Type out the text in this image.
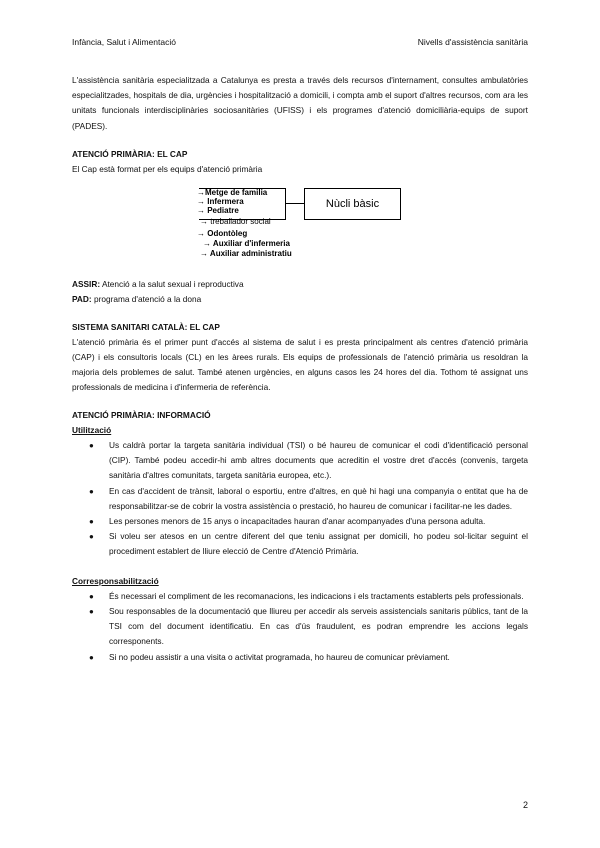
Infància, Salut i Alimentació	Nivells d'assistència sanitària

L'assistència sanitària especialitzada a Catalunya es presta a través dels recursos d'internament, consultes ambulatòries especialitzades, hospitals de dia, urgències i hospitalització a domicili, i compta amb el suport d'altres recursos, com ara les unitats funcionals interdisciplinàries sociosanitàries (UFISS) i els programes d'atenció domiciliària-equips de suport (PADES).

ATENCIÓ PRIMÀRIA: EL CAP

El Cap està format per els equips d'atenció primària

Nùcli bàsic
→Metge de familia
→ Infermera
→ Pediatre
→ treballador social
→ Odontòleg
→ Auxiliar d'infermeria
→ Auxiliar administratiu

ASSIR: Atenció a la salut sexual i reproductiva

PAD: programa d'atenció a la dona

SISTEMA SANITARI CATALÀ: EL CAP

L'atenció primària és el primer punt d'accés al sistema de salut i es presta principalment als centres d'atenció primària (CAP) i els consultoris locals (CL) en les àrees rurals. Els equips de professionals de l'atenció primària us resoldran la majoria dels problemes de salut. També atenen urgències, en alguns casos les 24 hores del dia. Tothom té assignat uns professionals de medicina i d'infermeria de referència.

ATENCIÓ PRIMÀRIA: INFORMACIÓ

Utilització

● Us caldrà portar la targeta sanitària individual (TSI) o bé haureu de comunicar el codi d'identificació personal (CIP). També podeu accedir-hi amb altres documents que acreditin el vostre dret d'accés (convenis, targeta sanitària d'altres comunitats, targeta sanitària europea, etc.).
● En cas d'accident de trànsit, laboral o esportiu, entre d'altres, en què hi hagi una companyia o entitat que ha de responsabilitzar-se de cobrir la vostra assistència o prestació, ho haureu de comunicar i facilitar-ne les dades.
● Les persones menors de 15 anys o incapacitades hauran d'anar acompanyades d'una persona adulta.
● Si voleu ser atesos en un centre diferent del que teniu assignat per domicili, ho podeu sol·licitar seguint el procediment establert de lliure elecció de Centre d'Atenció Primària.

Corresponsabilització

● És necessari el compliment de les recomanacions, les indicacions i els tractaments establerts pels professionals.
● Sou responsables de la documentació que lliureu per accedir als serveis assistencials sanitaris públics, tant de la TSI com del document identificatiu. En cas d'ús fraudulent, es podran emprendre les accions legals corresponents.
● Si no podeu assistir a una visita o activitat programada, ho haureu de comunicar prèviament.
2
